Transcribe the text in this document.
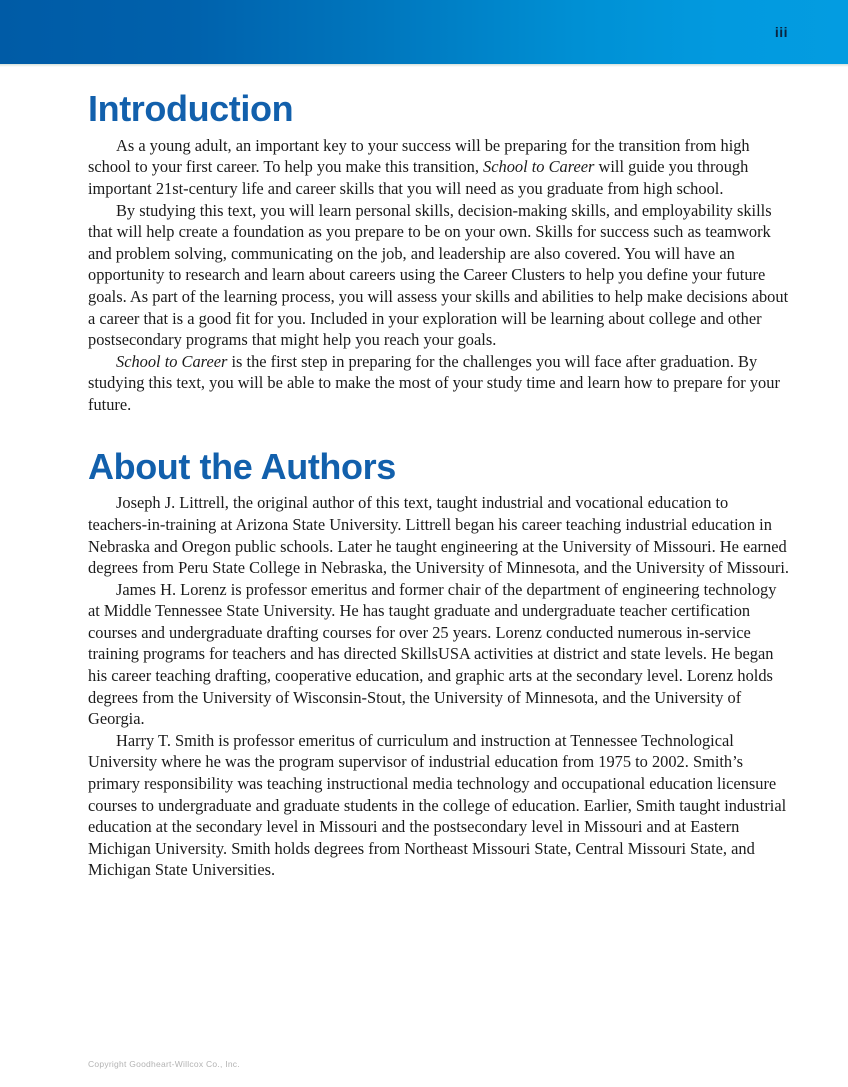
iii
Introduction

As a young adult, an important key to your success will be preparing for the transition from high school to your first career. To help you make this transition, School to Career will guide you through important 21st-century life and career skills that you will need as you graduate from high school.

By studying this text, you will learn personal skills, decision-making skills, and employability skills that will help create a foundation as you prepare to be on your own. Skills for success such as teamwork and problem solving, communicating on the job, and leadership are also covered. You will have an opportunity to research and learn about careers using the Career Clusters to help you define your future goals. As part of the learning process, you will assess your skills and abilities to help make decisions about a career that is a good fit for you. Included in your exploration will be learning about college and other postsecondary programs that might help you reach your goals.

School to Career is the first step in preparing for the challenges you will face after graduation. By studying this text, you will be able to make the most of your study time and learn how to prepare for your future.

About the Authors

Joseph J. Littrell, the original author of this text, taught industrial and vocational education to teachers-in-training at Arizona State University. Littrell began his career teaching industrial education in Nebraska and Oregon public schools. Later he taught engineering at the University of Missouri. He earned degrees from Peru State College in Nebraska, the University of Minnesota, and the University of Missouri.

James H. Lorenz is professor emeritus and former chair of the department of engineering technology at Middle Tennessee State University. He has taught graduate and undergraduate teacher certification courses and undergraduate drafting courses for over 25 years. Lorenz conducted numerous in-service training programs for teachers and has directed SkillsUSA activities at district and state levels. He began his career teaching drafting, cooperative education, and graphic arts at the secondary level. Lorenz holds degrees from the University of Wisconsin-Stout, the University of Minnesota, and the University of Georgia.

Harry T. Smith is professor emeritus of curriculum and instruction at Tennessee Technological University where he was the program supervisor of industrial education from 1975 to 2002. Smith’s primary responsibility was teaching instructional media technology and occupational education licensure courses to undergraduate and graduate students in the college of education. Earlier, Smith taught industrial education at the secondary level in Missouri and the postsecondary level in Missouri and at Eastern Michigan University. Smith holds degrees from Northeast Missouri State, Central Missouri State, and Michigan State Universities.

Copyright Goodheart-Willcox Co., Inc.
